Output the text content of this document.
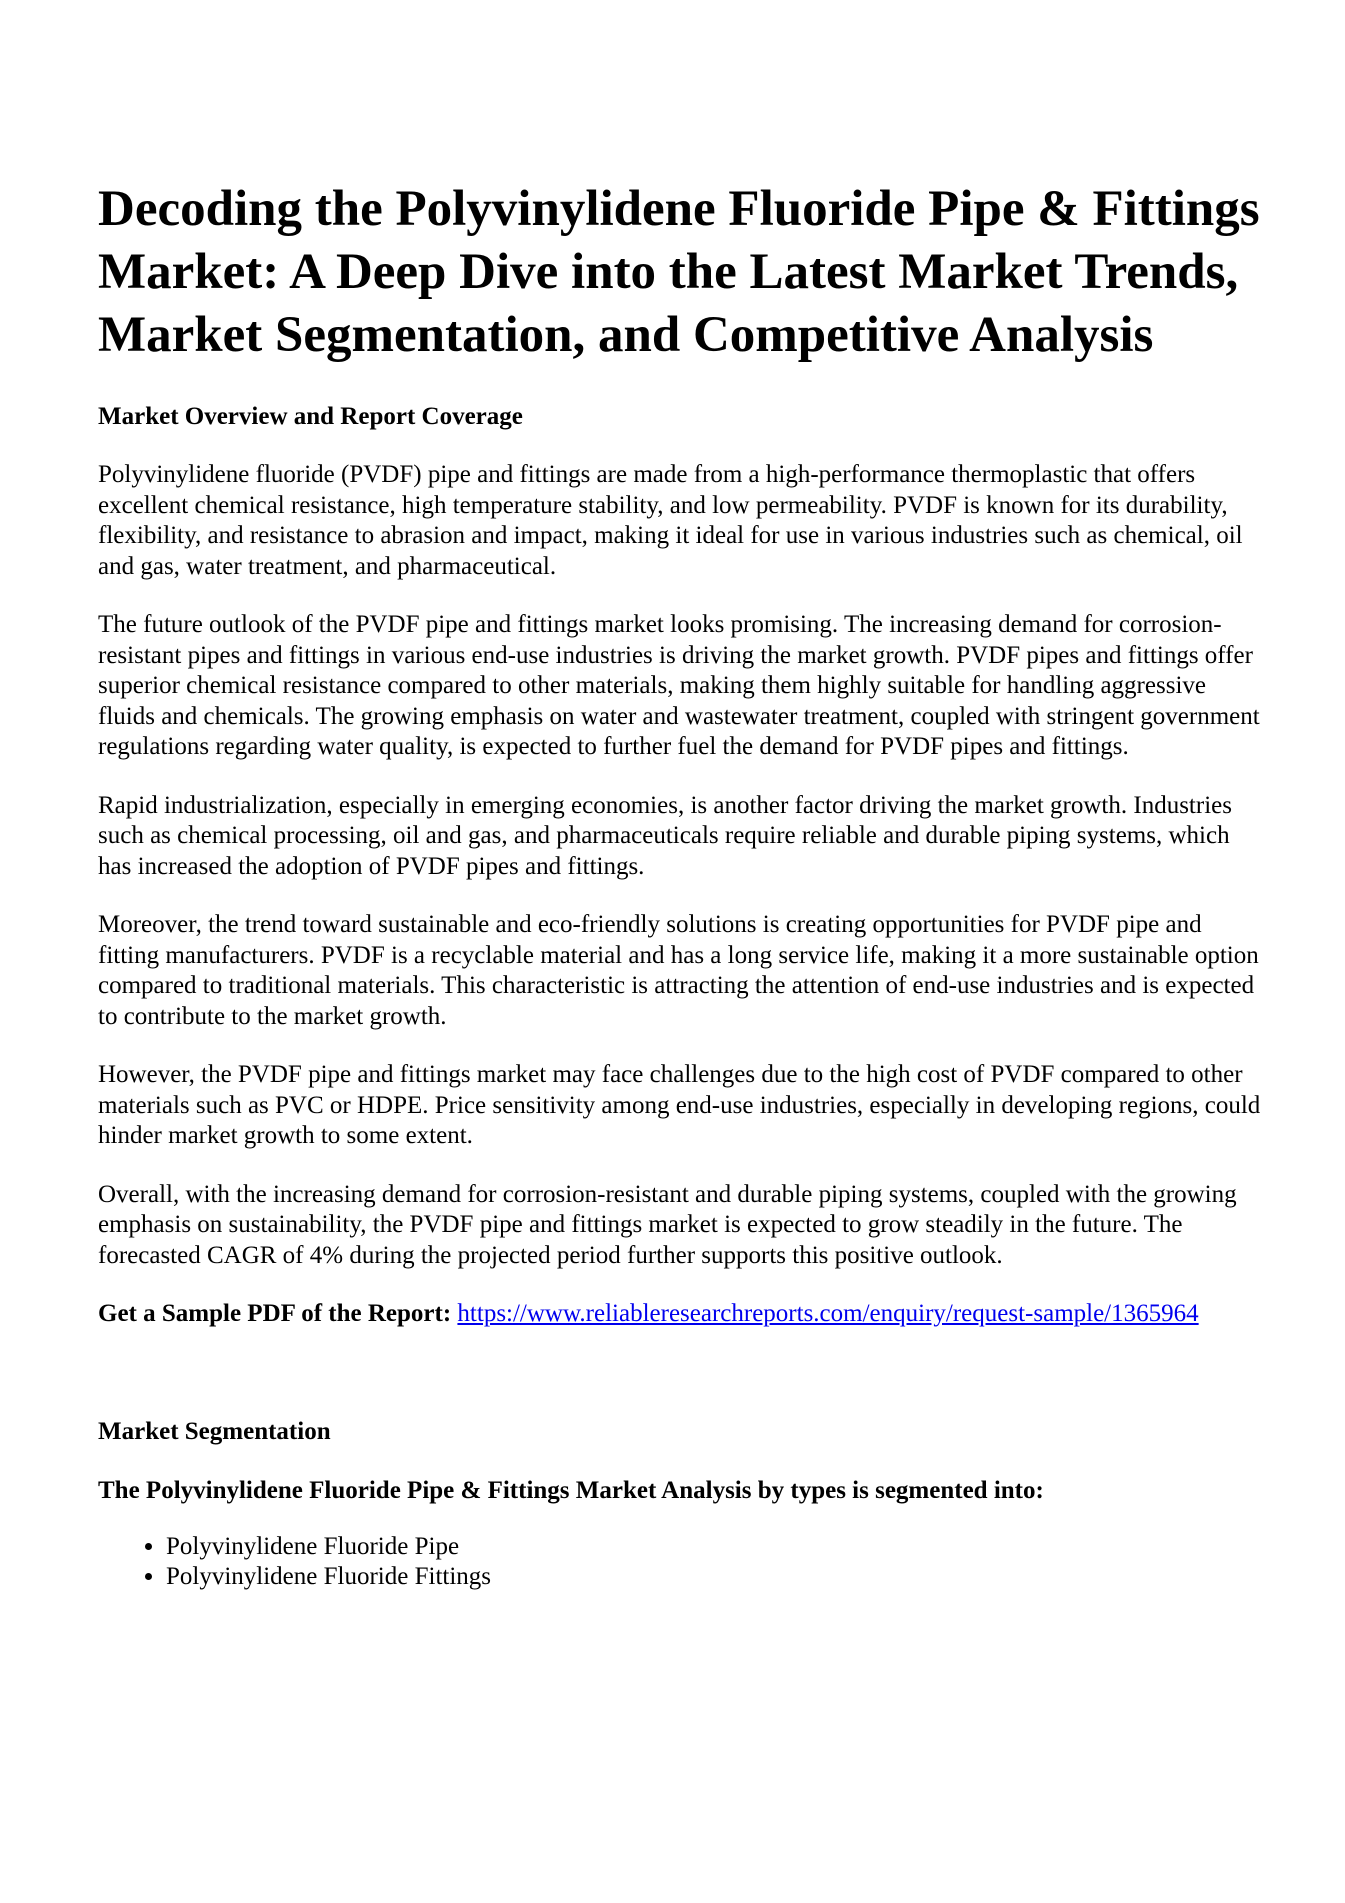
Decoding the Polyvinylidene Fluoride Pipe & Fittings Market: A Deep Dive into the Latest Market Trends, Market Segmentation, and Competitive Analysis
Market Overview and Report Coverage

Polyvinylidene fluoride (PVDF) pipe and fittings are made from a high-performance thermoplastic that offers excellent chemical resistance, high temperature stability, and low permeability. PVDF is known for its durability, flexibility, and resistance to abrasion and impact, making it ideal for use in various industries such as chemical, oil and gas, water treatment, and pharmaceutical.

The future outlook of the PVDF pipe and fittings market looks promising. The increasing demand for corrosion-resistant pipes and fittings in various end-use industries is driving the market growth. PVDF pipes and fittings offer superior chemical resistance compared to other materials, making them highly suitable for handling aggressive fluids and chemicals. The growing emphasis on water and wastewater treatment, coupled with stringent government regulations regarding water quality, is expected to further fuel the demand for PVDF pipes and fittings.

Rapid industrialization, especially in emerging economies, is another factor driving the market growth. Industries such as chemical processing, oil and gas, and pharmaceuticals require reliable and durable piping systems, which has increased the adoption of PVDF pipes and fittings.

Moreover, the trend toward sustainable and eco-friendly solutions is creating opportunities for PVDF pipe and fitting manufacturers. PVDF is a recyclable material and has a long service life, making it a more sustainable option compared to traditional materials. This characteristic is attracting the attention of end-use industries and is expected to contribute to the market growth.

However, the PVDF pipe and fittings market may face challenges due to the high cost of PVDF compared to other materials such as PVC or HDPE. Price sensitivity among end-use industries, especially in developing regions, could hinder market growth to some extent.

Overall, with the increasing demand for corrosion-resistant and durable piping systems, coupled with the growing emphasis on sustainability, the PVDF pipe and fittings market is expected to grow steadily in the future. The forecasted CAGR of 4% during the projected period further supports this positive outlook.

Get a Sample PDF of the Report: https://www.reliableresearchreports.com/enquiry/request-sample/1365964

Market Segmentation
The Polyvinylidene Fluoride Pipe & Fittings Market Analysis by types is segmented into:
• Polyvinylidene Fluoride Pipe
• Polyvinylidene Fluoride Fittings
